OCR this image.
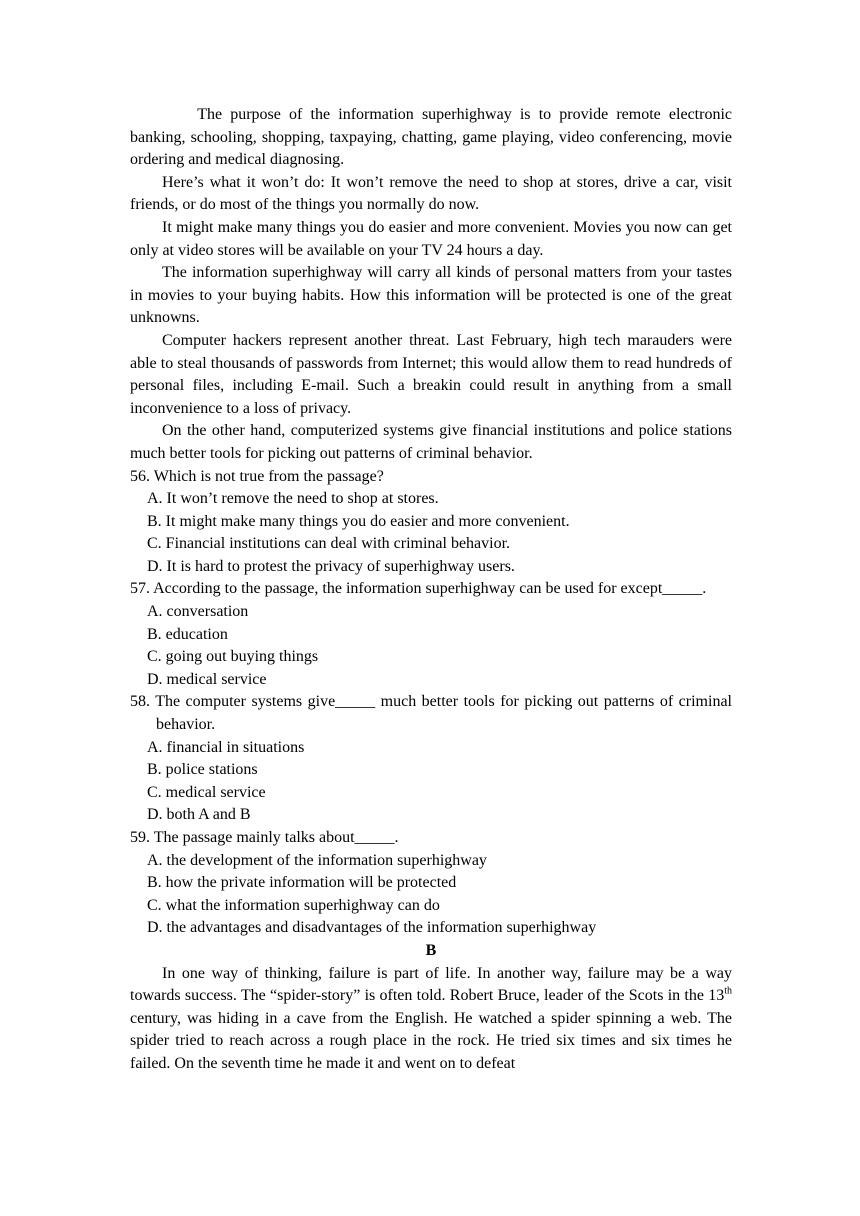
The purpose of the information superhighway is to provide remote electronic banking, schooling, shopping, taxpaying, chatting, game playing, video conferencing, movie ordering and medical diagnosing.

Here’s what it won’t do: It won’t remove the need to shop at stores, drive a car, visit friends, or do most of the things you normally do now.

It might make many things you do easier and more convenient. Movies you now can get only at video stores will be available on your TV 24 hours a day.

The information superhighway will carry all kinds of personal matters from your tastes in movies to your buying habits. How this information will be protected is one of the great unknowns.

Computer hackers represent another threat. Last February, high tech marauders were able to steal thousands of passwords from Internet; this would allow them to read hundreds of personal files, including E-mail. Such a breakin could result in anything from a small inconvenience to a loss of privacy.

On the other hand, computerized systems give financial institutions and police stations much better tools for picking out patterns of criminal behavior.

56. Which is not true from the passage?

A. It won’t remove the need to shop at stores.

B. It might make many things you do easier and more convenient.

C. Financial institutions can deal with criminal behavior.

D. It is hard to protest the privacy of superhighway users.

57. According to the passage, the information superhighway can be used for except_____.

A. conversation

B. education

C. going out buying things

D. medical service

58. The computer systems give_____ much better tools for picking out patterns of criminal behavior.

A. financial in situations

B. police stations

C. medical service

D. both A and B

59. The passage mainly talks about_____.

A. the development of the information superhighway

B. how the private information will be protected

C. what the information superhighway can do

D. the advantages and disadvantages of the information superhighway

B

In one way of thinking, failure is part of life. In another way, failure may be a way towards success. The “spider-story” is often told. Robert Bruce, leader of the Scots in the 13th century, was hiding in a cave from the English. He watched a spider spinning a web. The spider tried to reach across a rough place in the rock. He tried six times and six times he failed. On the seventh time he made it and went on to defeat
